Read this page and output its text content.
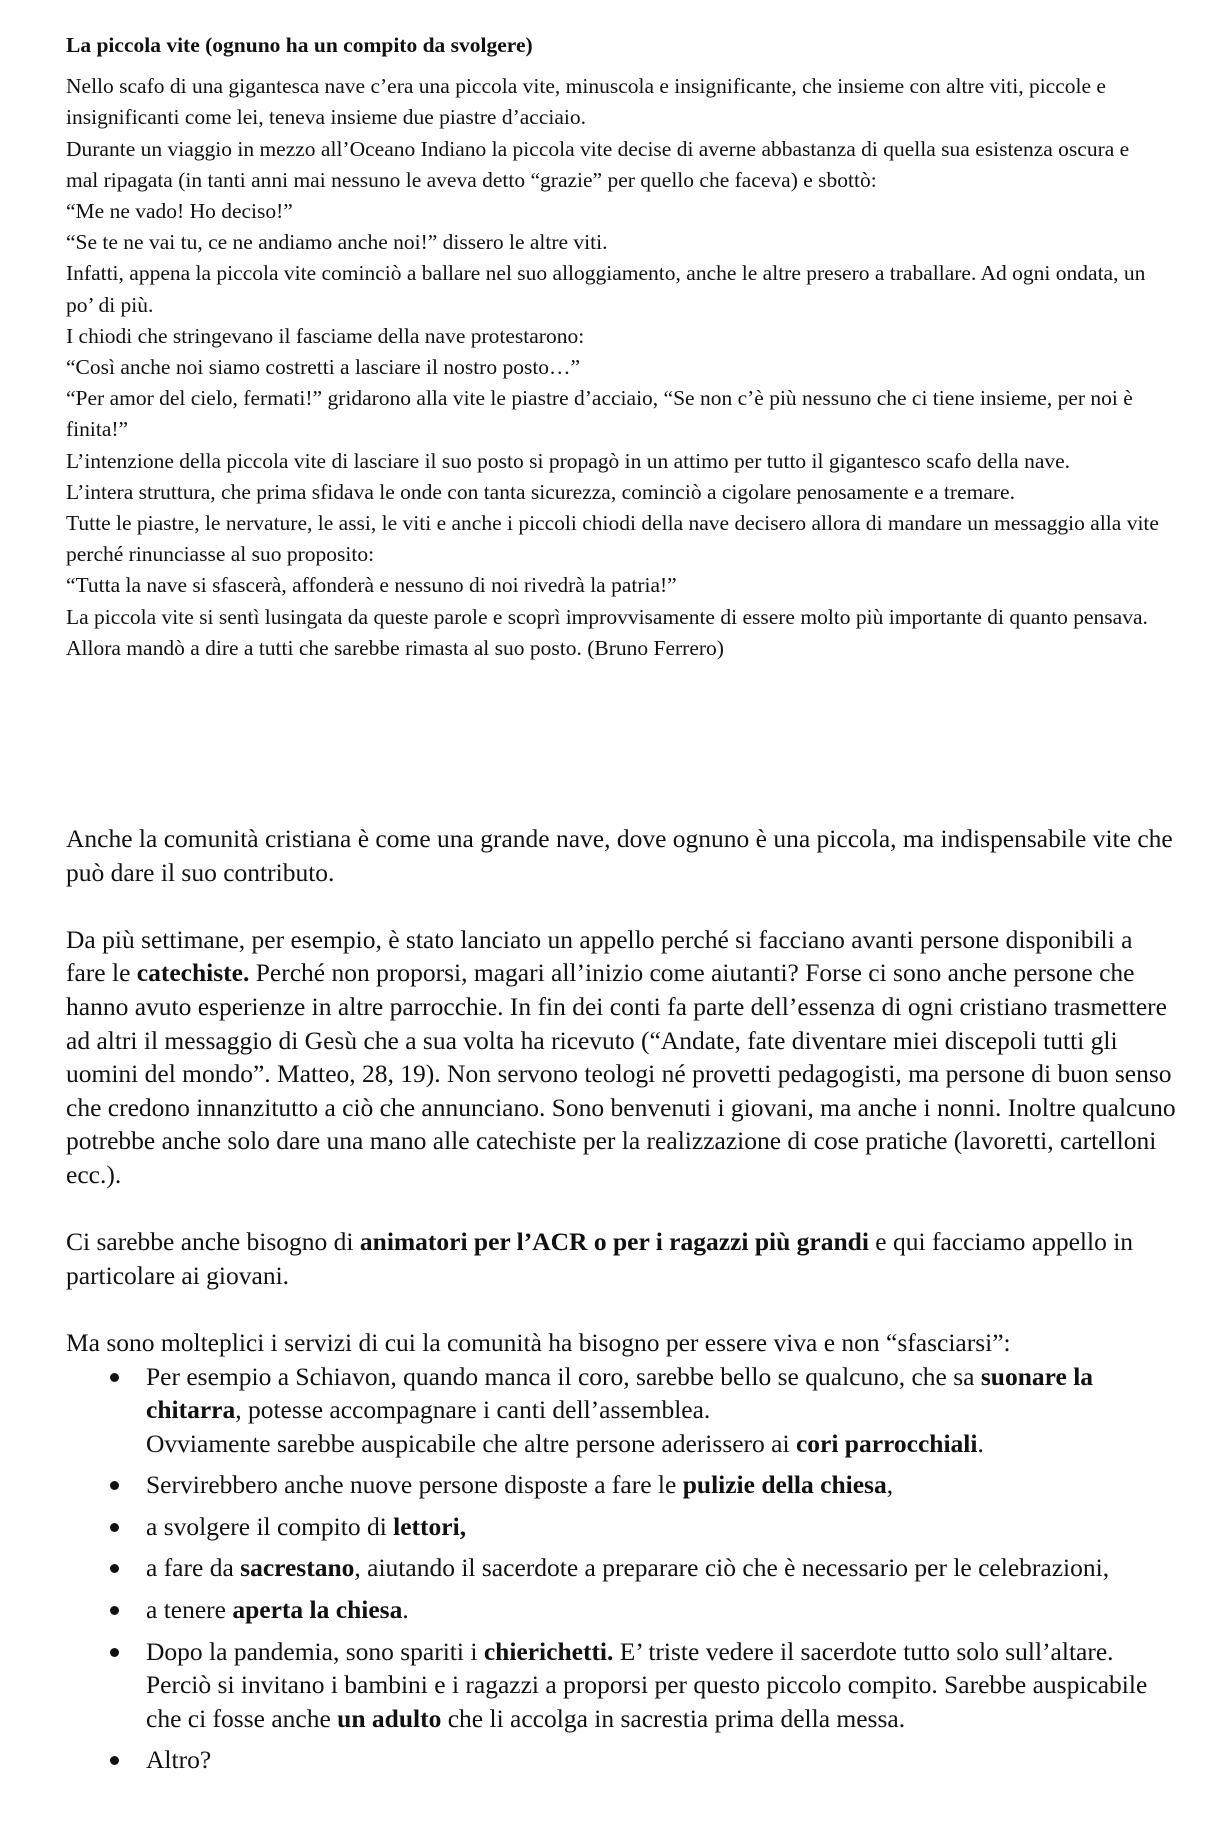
La piccola vite (ognuno ha un compito da svolgere)

Nello scafo di una gigantesca nave c’era una piccola vite, minuscola e insignificante, che insieme con altre viti, piccole e insignificanti come lei, teneva insieme due piastre d’acciaio.

Durante un viaggio in mezzo all’Oceano Indiano la piccola vite decise di averne abbastanza di quella sua esistenza oscura e mal ripagata (in tanti anni mai nessuno le aveva detto “grazie” per quello che faceva) e sbottò:

“Me ne vado! Ho deciso!”

“Se te ne vai tu, ce ne andiamo anche noi!” dissero le altre viti.

Infatti, appena la piccola vite cominciò a ballare nel suo alloggiamento, anche le altre presero a traballare. Ad ogni ondata, un po’ di più.

I chiodi che stringevano il fasciame della nave protestarono:

“Così anche noi siamo costretti a lasciare il nostro posto…”

“Per amor del cielo, fermati!” gridarono alla vite le piastre d’acciaio, “Se non c’è più nessuno che ci tiene insieme, per noi è finita!”

L’intenzione della piccola vite di lasciare il suo posto si propagò in un attimo per tutto il gigantesco scafo della nave.

L’intera struttura, che prima sfidava le onde con tanta sicurezza, cominciò a cigolare penosamente e a tremare.

Tutte le piastre, le nervature, le assi, le viti e anche i piccoli chiodi della nave decisero allora di mandare un messaggio alla vite perché rinunciasse al suo proposito:

“Tutta la nave si sfascerà, affonderà e nessuno di noi rivedrà la patria!”

La piccola vite si sentì lusingata da queste parole e scoprì improvvisamente di essere molto più importante di quanto pensava.

Allora mandò a dire a tutti che sarebbe rimasta al suo posto. (Bruno Ferrero)

Anche la comunità cristiana è come una grande nave, dove ognuno è una piccola, ma indispensabile vite che può dare il suo contributo.

Da più settimane, per esempio, è stato lanciato un appello perché si facciano avanti persone disponibili a fare le catechiste. Perché non proporsi, magari all’inizio come aiutanti? Forse ci sono anche persone che hanno avuto esperienze in altre parrocchie. In fin dei conti fa parte dell’essenza di ogni cristiano trasmettere ad altri il messaggio di Gesù che a sua volta ha ricevuto (“Andate, fate diventare miei discepoli tutti gli uomini del mondo”. Matteo, 28, 19). Non servono teologi né provetti pedagogisti, ma persone di buon senso che credono innanzitutto a ciò che annunciano. Sono benvenuti i giovani, ma anche i nonni. Inoltre qualcuno potrebbe anche solo dare una mano alle catechiste per la realizzazione di cose pratiche (lavoretti, cartelloni ecc.).

Ci sarebbe anche bisogno di animatori per l’ACR o per i ragazzi più grandi e qui facciamo appello in particolare ai giovani.

Ma sono molteplici i servizi di cui la comunità ha bisogno per essere viva e non “sfasciarsi”:

Per esempio a Schiavon, quando manca il coro, sarebbe bello se qualcuno, che sa suonare la chitarra, potesse accompagnare i canti dell’assemblea.
Ovviamente sarebbe auspicabile che altre persone aderissero ai cori parrocchiali.
Servirebbero anche nuove persone disposte a fare le pulizie della chiesa,
a svolgere il compito di lettori,
a fare da sacrestano, aiutando il sacerdote a preparare ciò che è necessario per le celebrazioni,
a tenere aperta la chiesa.
Dopo la pandemia, sono spariti i chierichetti. E’ triste vedere il sacerdote tutto solo sull’altare. Perciò si invitano i bambini e i ragazzi a proporsi per questo piccolo compito. Sarebbe auspicabile che ci fosse anche un adulto che li accolga in sacrestia prima della messa.
Altro?
